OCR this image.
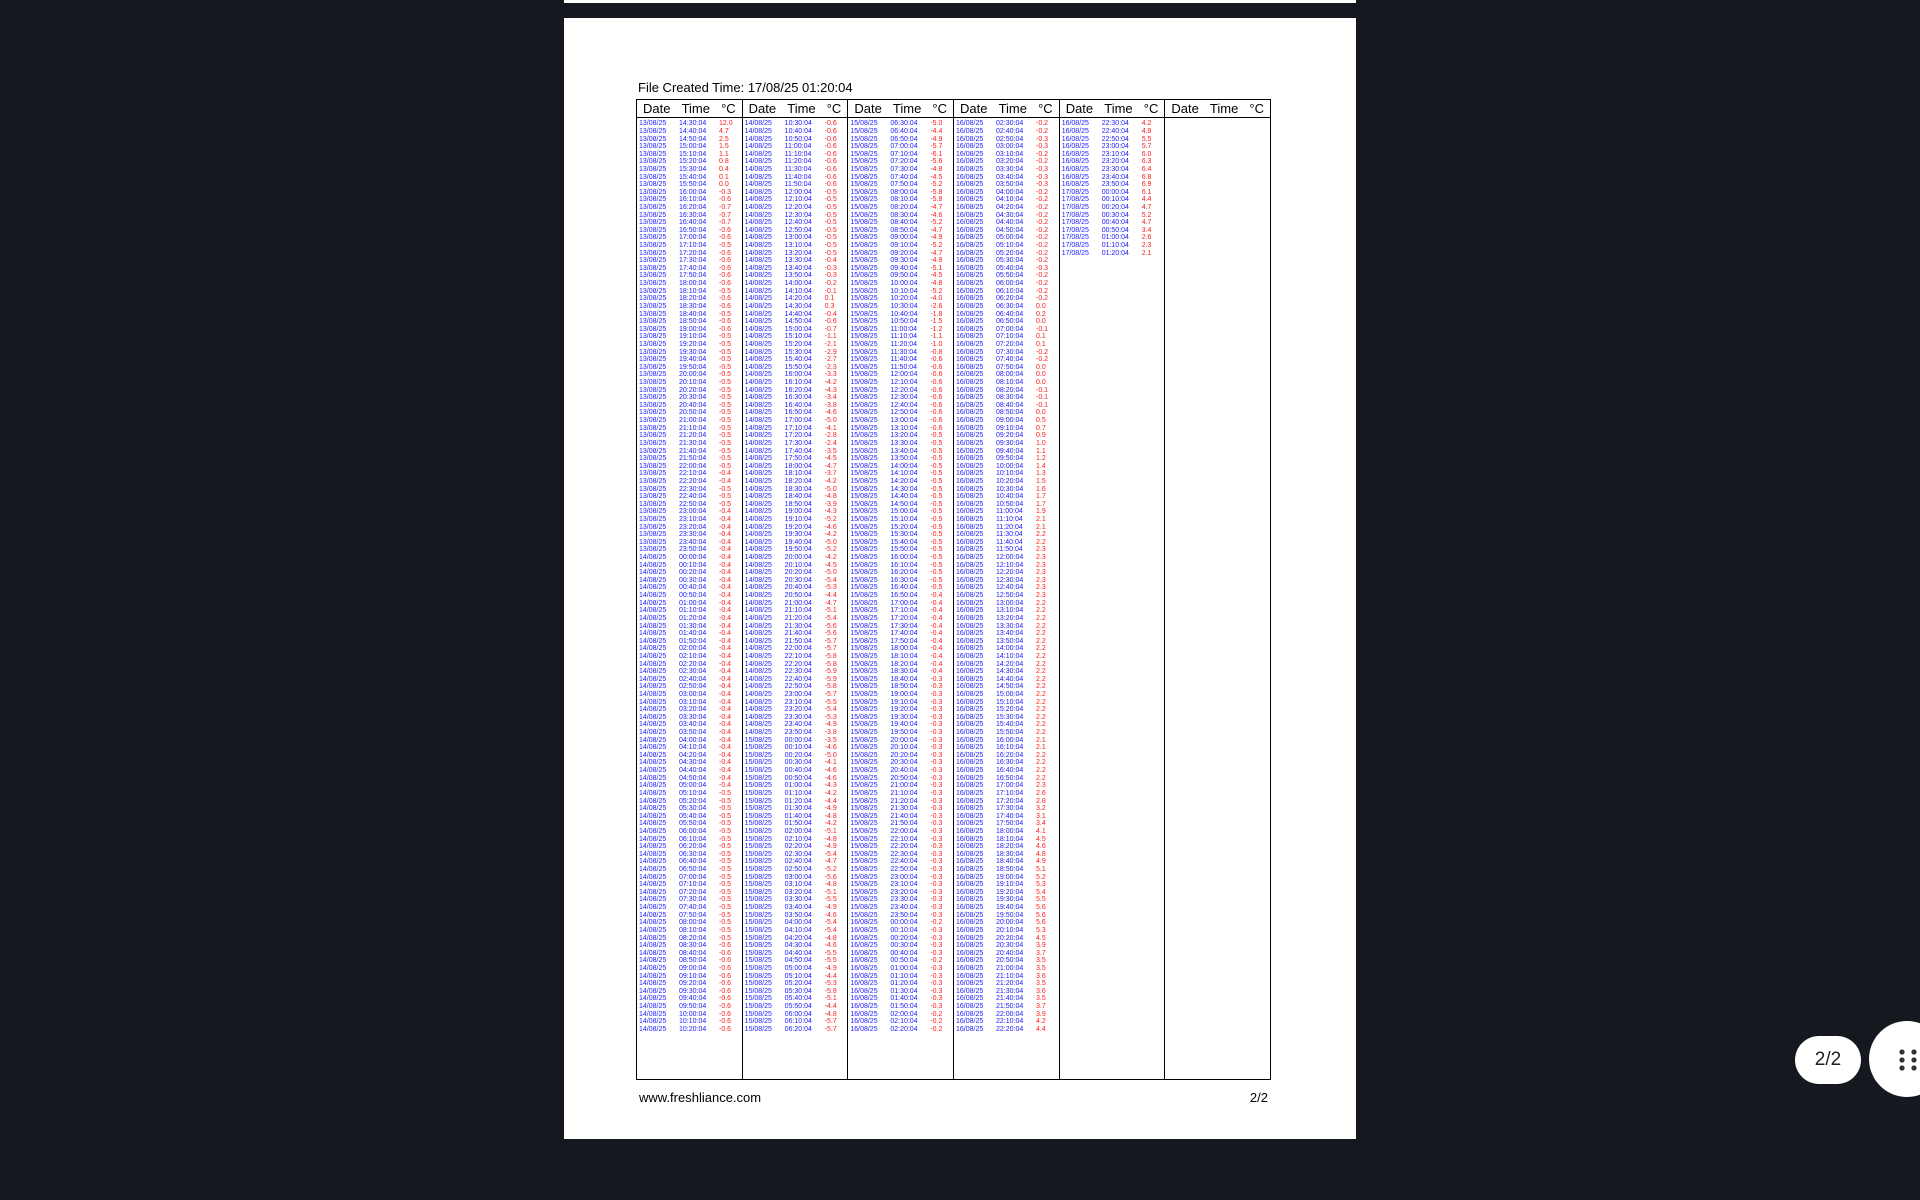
File Created Time: 17/08/25 01:20:04
Date Time °C
13/08/25	14:30:04	12.0
13/08/25	14:40:04	4.7
13/08/25	14:50:04	2.5
13/08/25	15:00:04	1.5
13/08/25	15:10:04	1.1
13/08/25	15:20:04	0.8
13/08/25	15:30:04	0.4
13/08/25	15:40:04	0.1
13/08/25	15:50:04	0.0
13/08/25	16:00:04	-0.3
13/08/25	16:10:04	-0.6
13/08/25	16:20:04	-0.7
13/08/25	16:30:04	-0.7
13/08/25	16:40:04	-0.7
13/08/25	16:50:04	-0.6
13/08/25	17:00:04	-0.6
13/08/25	17:10:04	-0.5
13/08/25	17:20:04	-0.6
13/08/25	17:30:04	-0.6
13/08/25	17:40:04	-0.6
13/08/25	17:50:04	-0.6
13/08/25	18:00:04	-0.6
13/08/25	18:10:04	-0.5
13/08/25	18:20:04	-0.6
13/08/25	18:30:04	-0.6
13/08/25	18:40:04	-0.5
13/08/25	18:50:04	-0.6
13/08/25	19:00:04	-0.6
13/08/25	19:10:04	-0.5
13/08/25	19:20:04	-0.5
13/08/25	19:30:04	-0.5
13/08/25	19:40:04	-0.5
13/08/25	19:50:04	-0.5
13/08/25	20:00:04	-0.5
13/08/25	20:10:04	-0.5
13/08/25	20:20:04	-0.5
13/08/25	20:30:04	-0.5
13/08/25	20:40:04	-0.5
13/08/25	20:50:04	-0.5
13/08/25	21:00:04	-0.5
13/08/25	21:10:04	-0.5
13/08/25	21:20:04	-0.5
13/08/25	21:30:04	-0.5
13/08/25	21:40:04	-0.5
13/08/25	21:50:04	-0.5
13/08/25	22:00:04	-0.5
13/08/25	22:10:04	-0.4
13/08/25	22:20:04	-0.4
13/08/25	22:30:04	-0.5
13/08/25	22:40:04	-0.5
13/08/25	22:50:04	-0.5
13/08/25	23:00:04	-0.4
13/08/25	23:10:04	-0.4
13/08/25	23:20:04	-0.4
13/08/25	23:30:04	-0.4
13/08/25	23:40:04	-0.4
13/08/25	23:50:04	-0.4
14/08/25	00:00:04	-0.4
14/08/25	00:10:04	-0.4
14/08/25	00:20:04	-0.4
14/08/25	00:30:04	-0.4
14/08/25	00:40:04	-0.4
14/08/25	00:50:04	-0.4
14/08/25	01:00:04	-0.4
14/08/25	01:10:04	-0.4
14/08/25	01:20:04	-0.4
14/08/25	01:30:04	-0.4
14/08/25	01:40:04	-0.4
14/08/25	01:50:04	-0.4
14/08/25	02:00:04	-0.4
14/08/25	02:10:04	-0.4
14/08/25	02:20:04	-0.4
14/08/25	02:30:04	-0.4
14/08/25	02:40:04	-0.4
14/08/25	02:50:04	-0.4
14/08/25	03:00:04	-0.4
14/08/25	03:10:04	-0.4
14/08/25	03:20:04	-0.4
14/08/25	03:30:04	-0.4
14/08/25	03:40:04	-0.4
14/08/25	03:50:04	-0.4
14/08/25	04:00:04	-0.4
14/08/25	04:10:04	-0.4
14/08/25	04:20:04	-0.4
14/08/25	04:30:04	-0.4
14/08/25	04:40:04	-0.4
14/08/25	04:50:04	-0.4
14/08/25	05:00:04	-0.4
14/08/25	05:10:04	-0.5
14/08/25	05:20:04	-0.5
14/08/25	05:30:04	-0.5
14/08/25	05:40:04	-0.5
14/08/25	05:50:04	-0.5
14/08/25	06:00:04	-0.5
14/08/25	06:10:04	-0.5
14/08/25	06:20:04	-0.5
14/08/25	06:30:04	-0.5
14/08/25	06:40:04	-0.5
14/08/25	06:50:04	-0.5
14/08/25	07:00:04	-0.5
14/08/25	07:10:04	-0.5
14/08/25	07:20:04	-0.5
14/08/25	07:30:04	-0.5
14/08/25	07:40:04	-0.5
14/08/25	07:50:04	-0.5
14/08/25	08:00:04	-0.5
14/08/25	08:10:04	-0.5
14/08/25	08:20:04	-0.5
14/08/25	08:30:04	-0.6
14/08/25	08:40:04	-0.6
14/08/25	08:50:04	-0.6
14/08/25	09:00:04	-0.6
14/08/25	09:10:04	-0.6
14/08/25	09:20:04	-0.6
14/08/25	09:30:04	-0.6
14/08/25	09:40:04	-0.6
14/08/25	09:50:04	-0.6
14/08/25	10:00:04	-0.6
14/08/25	10:10:04	-0.6
14/08/25	10:20:04	-0.6
Date Time °C
14/08/25	10:30:04	-0.6
14/08/25	10:40:04	-0.6
14/08/25	10:50:04	-0.6
14/08/25	11:00:04	-0.6
14/08/25	11:10:04	-0.6
14/08/25	11:20:04	-0.6
14/08/25	11:30:04	-0.6
14/08/25	11:40:04	-0.6
14/08/25	11:50:04	-0.6
14/08/25	12:00:04	-0.5
14/08/25	12:10:04	-0.5
14/08/25	12:20:04	-0.5
14/08/25	12:30:04	-0.5
14/08/25	12:40:04	-0.5
14/08/25	12:50:04	-0.5
14/08/25	13:00:04	-0.5
14/08/25	13:10:04	-0.5
14/08/25	13:20:04	-0.5
14/08/25	13:30:04	-0.4
14/08/25	13:40:04	-0.3
14/08/25	13:50:04	-0.3
14/08/25	14:00:04	-0.2
14/08/25	14:10:04	-0.1
14/08/25	14:20:04	0.1
14/08/25	14:30:04	0.3
14/08/25	14:40:04	-0.4
14/08/25	14:50:04	-0.6
14/08/25	15:00:04	-0.7
14/08/25	15:10:04	-1.1
14/08/25	15:20:04	-2.1
14/08/25	15:30:04	-2.9
14/08/25	15:40:04	-2.7
14/08/25	15:50:04	-2.3
14/08/25	16:00:04	-3.3
14/08/25	16:10:04	-4.2
14/08/25	16:20:04	-4.3
14/08/25	16:30:04	-3.4
14/08/25	16:40:04	-3.8
14/08/25	16:50:04	-4.6
14/08/25	17:00:04	-5.0
14/08/25	17:10:04	-4.1
14/08/25	17:20:04	-2.8
14/08/25	17:30:04	-2.4
14/08/25	17:40:04	-3.5
14/08/25	17:50:04	-4.5
14/08/25	18:00:04	-4.7
14/08/25	18:10:04	-3.7
14/08/25	18:20:04	-4.2
14/08/25	18:30:04	-5.0
14/08/25	18:40:04	-4.8
14/08/25	18:50:04	-3.9
14/08/25	19:00:04	-4.3
14/08/25	19:10:04	-5.2
14/08/25	19:20:04	-4.6
14/08/25	19:30:04	-4.2
14/08/25	19:40:04	-5.0
14/08/25	19:50:04	-5.2
14/08/25	20:00:04	-4.2
14/08/25	20:10:04	-4.5
14/08/25	20:20:04	-5.0
14/08/25	20:30:04	-5.4
14/08/25	20:40:04	-5.3
14/08/25	20:50:04	-4.4
14/08/25	21:00:04	-4.7
14/08/25	21:10:04	-5.1
14/08/25	21:20:04	-5.4
14/08/25	21:30:04	-5.6
14/08/25	21:40:04	-5.6
14/08/25	21:50:04	-5.7
14/08/25	22:00:04	-5.7
14/08/25	22:10:04	-5.8
14/08/25	22:20:04	-5.8
14/08/25	22:30:04	-5.9
14/08/25	22:40:04	-5.9
14/08/25	22:50:04	-5.8
14/08/25	23:00:04	-5.7
14/08/25	23:10:04	-5.5
14/08/25	23:20:04	-5.4
14/08/25	23:30:04	-5.3
14/08/25	23:40:04	-4.9
14/08/25	23:50:04	-3.8
15/08/25	00:00:04	-3.5
15/08/25	00:10:04	-4.6
15/08/25	00:20:04	-5.0
15/08/25	00:30:04	-4.1
15/08/25	00:40:04	-4.6
15/08/25	00:50:04	-4.6
15/08/25	01:00:04	-4.3
15/08/25	01:10:04	-4.2
15/08/25	01:20:04	-4.4
15/08/25	01:30:04	-4.9
15/08/25	01:40:04	-4.8
15/08/25	01:50:04	-4.2
15/08/25	02:00:04	-5.1
15/08/25	02:10:04	-4.8
15/08/25	02:20:04	-4.9
15/08/25	02:30:04	-5.4
15/08/25	02:40:04	-4.7
15/08/25	02:50:04	-5.2
15/08/25	03:00:04	-5.6
15/08/25	03:10:04	-4.8
15/08/25	03:20:04	-5.1
15/08/25	03:30:04	-5.5
15/08/25	03:40:04	-4.9
15/08/25	03:50:04	-4.6
15/08/25	04:00:04	-5.4
15/08/25	04:10:04	-5.4
15/08/25	04:20:04	-4.8
15/08/25	04:30:04	-4.6
15/08/25	04:40:04	-5.5
15/08/25	04:50:04	-5.5
15/08/25	05:00:04	-4.9
15/08/25	05:10:04	-4.4
15/08/25	05:20:04	-5.3
15/08/25	05:30:04	-5.8
15/08/25	05:40:04	-5.1
15/08/25	05:50:04	-4.4
15/08/25	06:00:04	-4.8
15/08/25	06:10:04	-5.7
15/08/25	06:20:04	-5.7
Date Time °C
15/08/25	06:30:04	-5.0
15/08/25	06:40:04	-4.4
15/08/25	06:50:04	-4.9
15/08/25	07:00:04	-5.7
15/08/25	07:10:04	-6.1
15/08/25	07:20:04	-5.6
15/08/25	07:30:04	-4.8
15/08/25	07:40:04	-4.5
15/08/25	07:50:04	-5.2
15/08/25	08:00:04	-5.8
15/08/25	08:10:04	-5.8
15/08/25	08:20:04	-4.7
15/08/25	08:30:04	-4.6
15/08/25	08:40:04	-5.2
15/08/25	08:50:04	-4.7
15/08/25	09:00:04	-4.9
15/08/25	09:10:04	-5.2
15/08/25	09:20:04	-4.7
15/08/25	09:30:04	-4.9
15/08/25	09:40:04	-5.1
15/08/25	09:50:04	-4.5
15/08/25	10:00:04	-4.8
15/08/25	10:10:04	-5.2
15/08/25	10:20:04	-4.0
15/08/25	10:30:04	-2.6
15/08/25	10:40:04	-1.8
15/08/25	10:50:04	-1.5
15/08/25	11:00:04	-1.2
15/08/25	11:10:04	-1.1
15/08/25	11:20:04	-1.0
15/08/25	11:30:04	-0.8
15/08/25	11:40:04	-0.6
15/08/25	11:50:04	-0.6
15/08/25	12:00:04	-0.6
15/08/25	12:10:04	-0.6
15/08/25	12:20:04	-0.6
15/08/25	12:30:04	-0.6
15/08/25	12:40:04	-0.6
15/08/25	12:50:04	-0.6
15/08/25	13:00:04	-0.6
15/08/25	13:10:04	-0.6
15/08/25	13:20:04	-0.5
15/08/25	13:30:04	-0.5
15/08/25	13:40:04	-0.5
15/08/25	13:50:04	-0.5
15/08/25	14:00:04	-0.5
15/08/25	14:10:04	-0.5
15/08/25	14:20:04	-0.5
15/08/25	14:30:04	-0.5
15/08/25	14:40:04	-0.5
15/08/25	14:50:04	-0.5
15/08/25	15:00:04	-0.5
15/08/25	15:10:04	-0.5
15/08/25	15:20:04	-0.5
15/08/25	15:30:04	-0.5
15/08/25	15:40:04	-0.5
15/08/25	15:50:04	-0.5
15/08/25	16:00:04	-0.5
15/08/25	16:10:04	-0.5
15/08/25	16:20:04	-0.5
15/08/25	16:30:04	-0.5
15/08/25	16:40:04	-0.5
15/08/25	16:50:04	-0.4
15/08/25	17:00:04	-0.4
15/08/25	17:10:04	-0.4
15/08/25	17:20:04	-0.4
15/08/25	17:30:04	-0.4
15/08/25	17:40:04	-0.4
15/08/25	17:50:04	-0.4
15/08/25	18:00:04	-0.4
15/08/25	18:10:04	-0.4
15/08/25	18:20:04	-0.4
15/08/25	18:30:04	-0.4
15/08/25	18:40:04	-0.3
15/08/25	18:50:04	-0.3
15/08/25	19:00:04	-0.3
15/08/25	19:10:04	-0.3
15/08/25	19:20:04	-0.3
15/08/25	19:30:04	-0.3
15/08/25	19:40:04	-0.3
15/08/25	19:50:04	-0.3
15/08/25	20:00:04	-0.3
15/08/25	20:10:04	-0.3
15/08/25	20:20:04	-0.3
15/08/25	20:30:04	-0.3
15/08/25	20:40:04	-0.3
15/08/25	20:50:04	-0.3
15/08/25	21:00:04	-0.3
15/08/25	21:10:04	-0.3
15/08/25	21:20:04	-0.3
15/08/25	21:30:04	-0.3
15/08/25	21:40:04	-0.3
15/08/25	21:50:04	-0.3
15/08/25	22:00:04	-0.3
15/08/25	22:10:04	-0.3
15/08/25	22:20:04	-0.3
15/08/25	22:30:04	-0.3
15/08/25	22:40:04	-0.3
15/08/25	22:50:04	-0.3
15/08/25	23:00:04	-0.3
15/08/25	23:10:04	-0.3
15/08/25	23:20:04	-0.3
15/08/25	23:30:04	-0.3
15/08/25	23:40:04	-0.3
15/08/25	23:50:04	-0.3
16/08/25	00:00:04	-0.2
16/08/25	00:10:04	-0.3
16/08/25	00:20:04	-0.3
16/08/25	00:30:04	-0.3
16/08/25	00:40:04	-0.3
16/08/25	00:50:04	-0.2
16/08/25	01:00:04	-0.3
16/08/25	01:10:04	-0.3
16/08/25	01:20:04	-0.3
16/08/25	01:30:04	-0.3
16/08/25	01:40:04	-0.3
16/08/25	01:50:04	-0.3
16/08/25	02:00:04	-0.2
16/08/25	02:10:04	-0.2
16/08/25	02:20:04	-0.2
Date Time °C
16/08/25	02:30:04	-0.2
16/08/25	02:40:04	-0.2
16/08/25	02:50:04	-0.3
16/08/25	03:00:04	-0.3
16/08/25	03:10:04	-0.2
16/08/25	03:20:04	-0.2
16/08/25	03:30:04	-0.3
16/08/25	03:40:04	-0.3
16/08/25	03:50:04	-0.3
16/08/25	04:00:04	-0.2
16/08/25	04:10:04	-0.2
16/08/25	04:20:04	-0.2
16/08/25	04:30:04	-0.2
16/08/25	04:40:04	-0.2
16/08/25	04:50:04	-0.2
16/08/25	05:00:04	-0.2
16/08/25	05:10:04	-0.2
16/08/25	05:20:04	-0.2
16/08/25	05:30:04	-0.2
16/08/25	05:40:04	-0.3
16/08/25	05:50:04	-0.2
16/08/25	06:00:04	-0.2
16/08/25	06:10:04	-0.2
16/08/25	06:20:04	-0.2
16/08/25	06:30:04	0.0
16/08/25	06:40:04	0.2
16/08/25	06:50:04	0.0
16/08/25	07:00:04	-0.1
16/08/25	07:10:04	0.1
16/08/25	07:20:04	0.1
16/08/25	07:30:04	-0.2
16/08/25	07:40:04	-0.2
16/08/25	07:50:04	0.0
16/08/25	08:00:04	0.0
16/08/25	08:10:04	0.0
16/08/25	08:20:04	-0.1
16/08/25	08:30:04	-0.1
16/08/25	08:40:04	-0.1
16/08/25	08:50:04	0.0
16/08/25	09:00:04	0.5
16/08/25	09:10:04	0.7
16/08/25	09:20:04	0.9
16/08/25	09:30:04	1.0
16/08/25	09:40:04	1.1
16/08/25	09:50:04	1.2
16/08/25	10:00:04	1.4
16/08/25	10:10:04	1.3
16/08/25	10:20:04	1.5
16/08/25	10:30:04	1.6
16/08/25	10:40:04	1.7
16/08/25	10:50:04	1.7
16/08/25	11:00:04	1.9
16/08/25	11:10:04	2.1
16/08/25	11:20:04	2.1
16/08/25	11:30:04	2.2
16/08/25	11:40:04	2.2
16/08/25	11:50:04	2.3
16/08/25	12:00:04	2.3
16/08/25	12:10:04	2.3
16/08/25	12:20:04	2.3
16/08/25	12:30:04	2.3
16/08/25	12:40:04	2.3
16/08/25	12:50:04	2.3
16/08/25	13:00:04	2.2
16/08/25	13:10:04	2.2
16/08/25	13:20:04	2.2
16/08/25	13:30:04	2.2
16/08/25	13:40:04	2.2
16/08/25	13:50:04	2.2
16/08/25	14:00:04	2.2
16/08/25	14:10:04	2.2
16/08/25	14:20:04	2.2
16/08/25	14:30:04	2.2
16/08/25	14:40:04	2.2
16/08/25	14:50:04	2.2
16/08/25	15:00:04	2.2
16/08/25	15:10:04	2.2
16/08/25	15:20:04	2.2
16/08/25	15:30:04	2.2
16/08/25	15:40:04	2.2
16/08/25	15:50:04	2.2
16/08/25	16:00:04	2.1
16/08/25	16:10:04	2.1
16/08/25	16:20:04	2.2
16/08/25	16:30:04	2.2
16/08/25	16:40:04	2.2
16/08/25	16:50:04	2.2
16/08/25	17:00:04	2.3
16/08/25	17:10:04	2.6
16/08/25	17:20:04	2.8
16/08/25	17:30:04	3.2
16/08/25	17:40:04	3.1
16/08/25	17:50:04	3.4
16/08/25	18:00:04	4.1
16/08/25	18:10:04	4.5
16/08/25	18:20:04	4.6
16/08/25	18:30:04	4.8
16/08/25	18:40:04	4.9
16/08/25	18:50:04	5.1
16/08/25	19:00:04	5.2
16/08/25	19:10:04	5.3
16/08/25	19:20:04	5.4
16/08/25	19:30:04	5.5
16/08/25	19:40:04	5.6
16/08/25	19:50:04	5.6
16/08/25	20:00:04	5.6
16/08/25	20:10:04	5.3
16/08/25	20:20:04	4.5
16/08/25	20:30:04	3.9
16/08/25	20:40:04	3.7
16/08/25	20:50:04	3.5
16/08/25	21:00:04	3.5
16/08/25	21:10:04	3.6
16/08/25	21:20:04	3.5
16/08/25	21:30:04	3.6
16/08/25	21:40:04	3.5
16/08/25	21:50:04	3.7
16/08/25	22:00:04	3.9
16/08/25	22:10:04	4.2
16/08/25	22:20:04	4.4
Date Time °C
16/08/25	22:30:04	4.2
16/08/25	22:40:04	4.9
16/08/25	22:50:04	5.5
16/08/25	23:00:04	5.7
16/08/25	23:10:04	6.0
16/08/25	23:20:04	6.3
16/08/25	23:30:04	6.4
16/08/25	23:40:04	6.8
16/08/25	23:50:04	6.9
17/08/25	00:00:04	6.1
17/08/25	00:10:04	4.4
17/08/25	00:20:04	4.7
17/08/25	00:30:04	5.2
17/08/25	00:40:04	4.7
17/08/25	00:50:04	3.4
17/08/25	01:00:04	2.6
17/08/25	01:10:04	2.3
17/08/25	01:20:04	2.1
Date Time °C
www.freshliance.com	2/2
2/2
